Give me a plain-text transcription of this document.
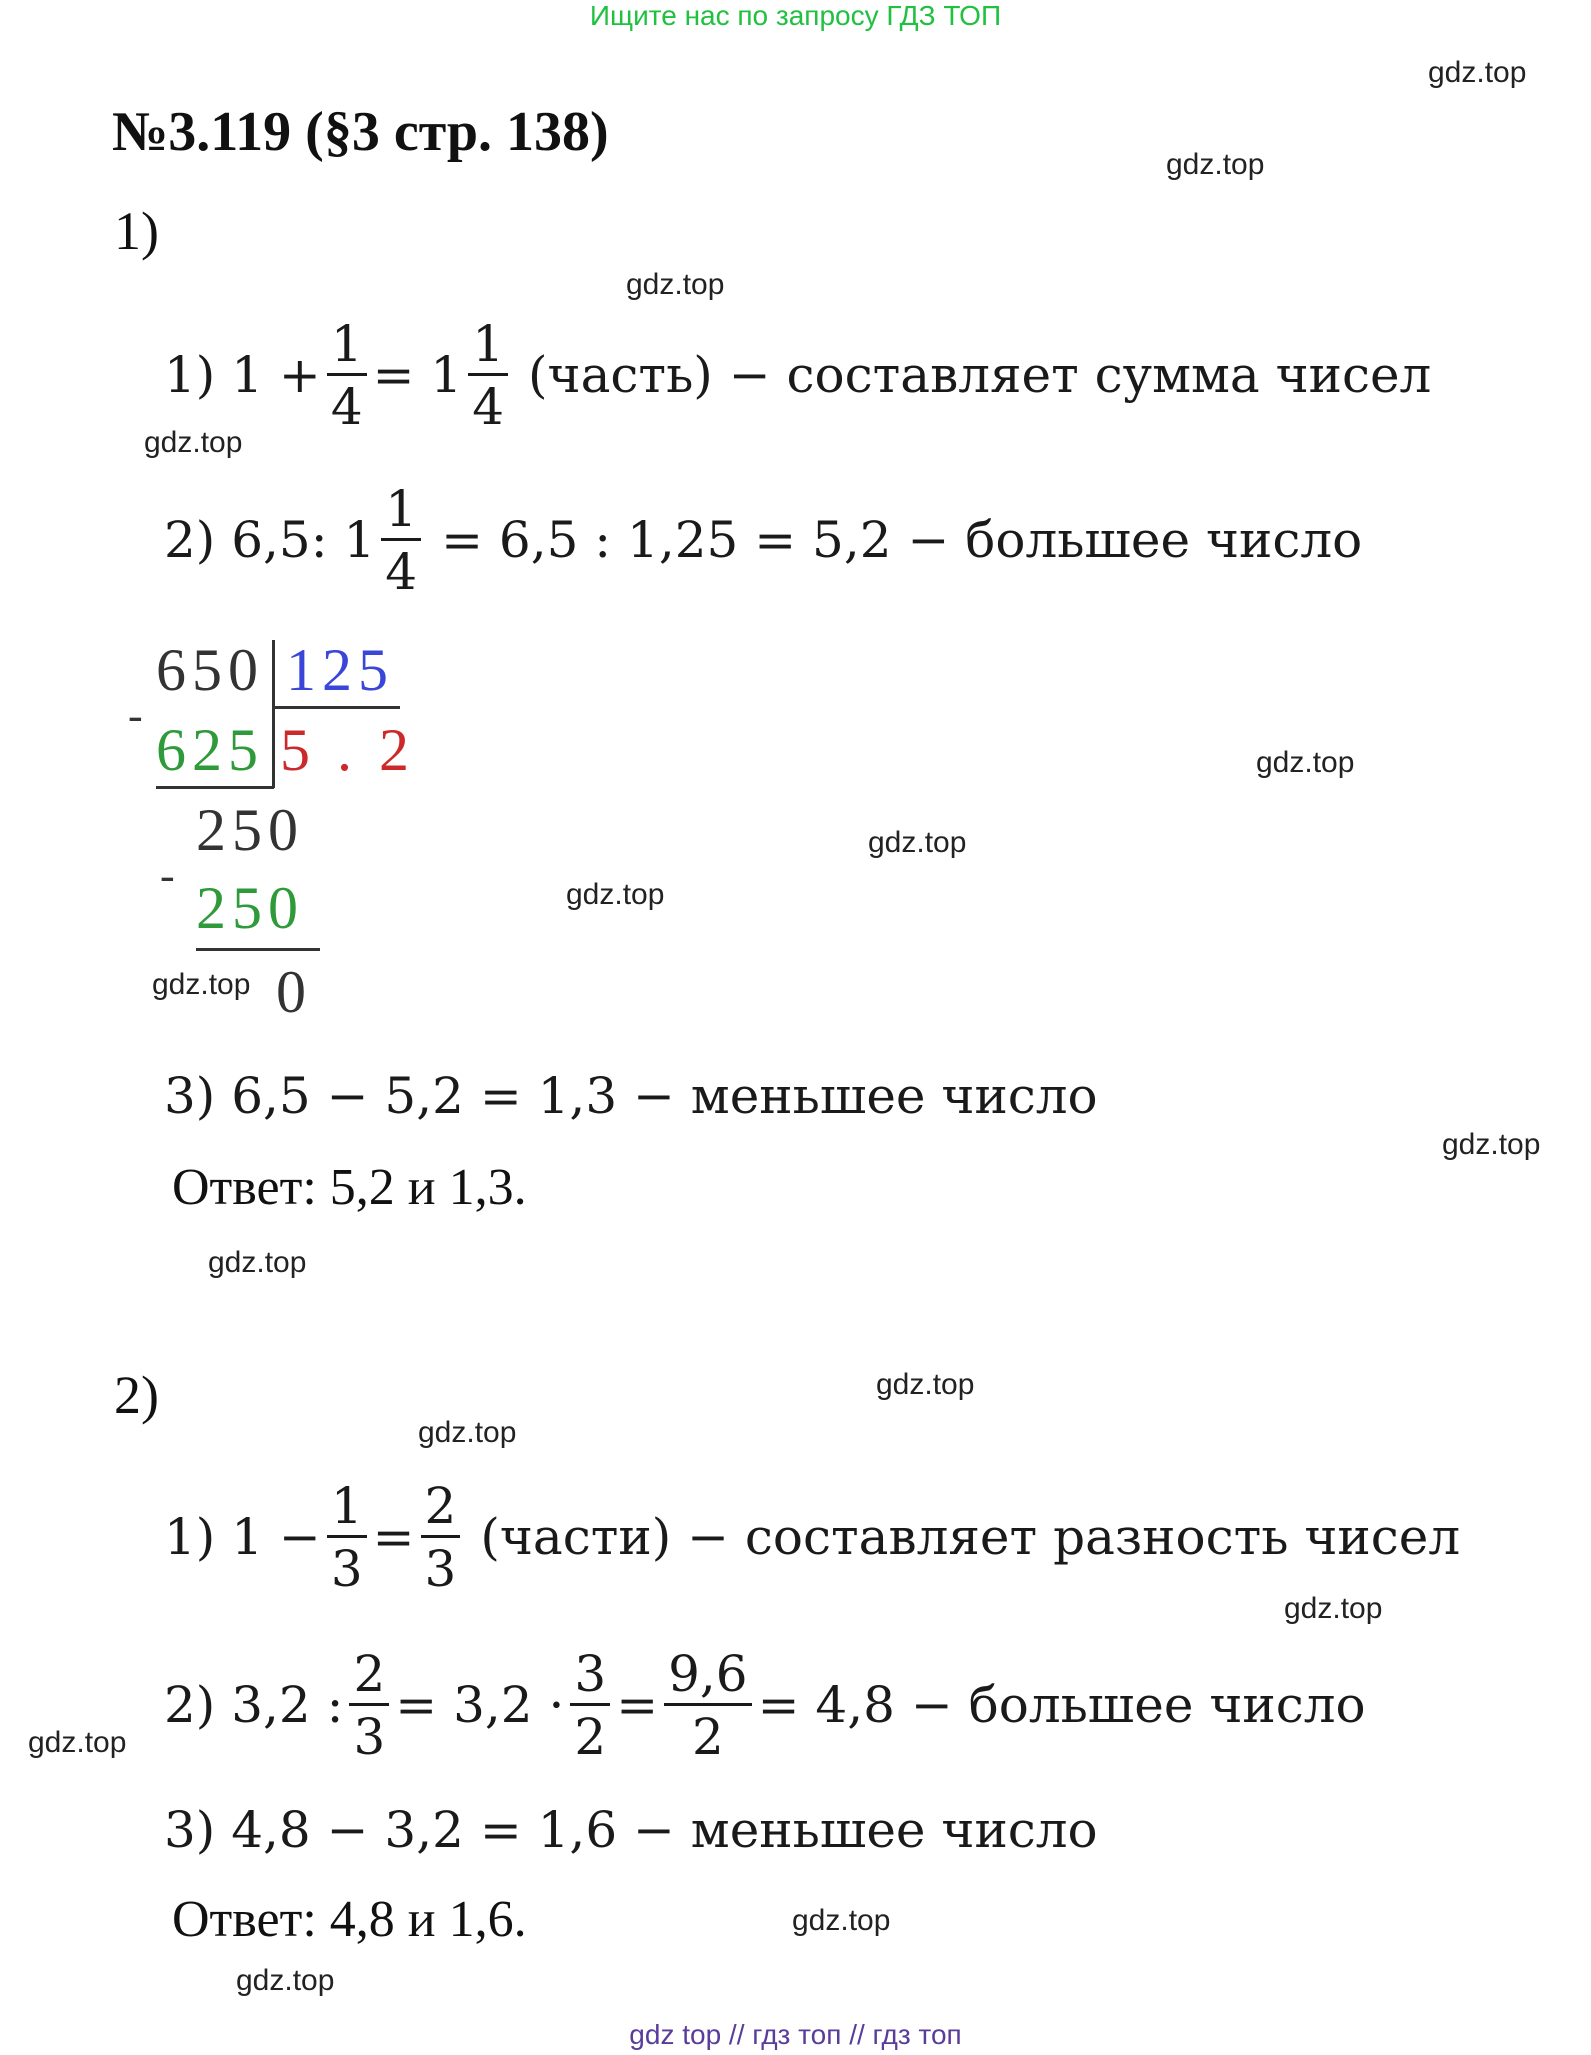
Ищите нас по запросу ГДЗ ТОП
№3.119 (§3 стр. 138)
gdz.top
gdz.top
gdz.top
gdz.top
gdz.top
gdz.top
gdz.top
gdz.top
gdz.top
gdz.top
gdz.top
gdz.top
gdz.top
gdz.top
gdz.top
gdz.top
1)
1) $1 + \frac{1}{4} = 1 \frac{1}{4}$ (часть) − составляет сумма чисел
2) 6,5: $1 \frac{1}{4} = 6,5$ : 1,25 = 5,2 − большее число
650 125
-
625 5 . 2
250
- 250
0
3) 6,5 − 5,2 = 1,3 − меньшее число
Ответ: 5,2 и 1,3.
2)
1) $1 - \frac{1}{3} = \frac{2}{3}$ (части) − составляет разность чисел
2) 3,2 : $\frac{2}{3} = 3,2 \cdot \frac{3}{2} = \frac{9,6}{2} = 4,8$ − большее число
3) 4,8 − 3,2 = 1,6 − меньшее число
Ответ: 4,8 и 1,6.
gdz top // гдз топ // гдз топ
